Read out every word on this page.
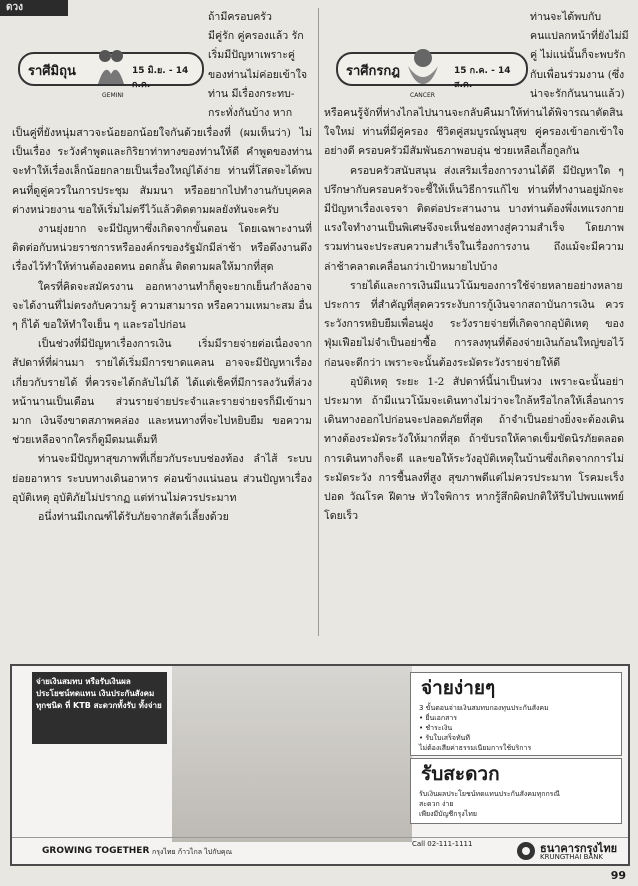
ดวง
ราศีมิถุน
GEMINI
15 มิ.ย. - 14 ก.ค.
ราศีกรกฎ
CANCER
15 ก.ค. - 14 ส.ค.
ถ้ามีครอบครัว
มีคู่รัก คู่ครองแล้ว รัก
เริ่มมีปัญหาเพราะคู่
ของท่านไม่ค่อยเข้าใจ
ท่าน มีเรื่องกระทบ-
กระทั่งกันบ้าง หาก

เป็นคู่ที่ยังหนุ่มสาวจะน้อยอกน้อยใจกันด้วยเรื่องที่ (ผมเห็นว่า) ไม่เป็นเรื่อง ระวังคำพูดและกิริยาท่าทางของท่านให้ดี คำพูดของท่านจะทำให้เรื่องเล็กน้อยกลายเป็นเรื่องใหญ่ได้ง่าย ท่านที่โสดจะได้พบคนที่ดูคู่ควรในการประชุม สัมมนา หรืออยากไปทำงานกับบุคคลต่างหน่วยงาน ขอให้เริ่มไม่ตรีไว้แล้วติดตามผลยังทันจะครับ

งานยุ่งยาก จะมีปัญหาซึ่งเกิดจากขั้นตอน โดยเฉพาะงานที่ติดต่อกับหน่วยราชการหรือองค์กรของรัฐมักมีล่าช้า หรือดึงงานดึงเรื่องไว้ทำให้ท่านต้องอดทน อดกลั้น ติดตามผลให้มากที่สุด

ใครที่คิดจะสมัครงาน ออกหางานทำก็ดูจะยากเย็นกำลังอาจจะได้งานที่ไม่ตรงกับความรู้ ความสามารถ หรือความเหมาะสม อื่น ๆ ก็ได้ ขอให้ทำใจเย็น ๆ และรอไปก่อน

เป็นช่วงที่มีปัญหาเรื่องการเงิน เริ่มมีรายจ่ายต่อเนื่องจากสัปดาห์ที่ผ่านมา รายได้เริ่มมีการขาดแคลน อาจจะมีปัญหาเรื่องเกี่ยวกับรายได้ ที่ควรจะได้กลับไม่ได้ ได้แต่เช็คที่มีการลงวันที่ล่วงหน้านานเป็นเดือน ส่วนรายจ่ายประจำและรายจ่ายจรก็มีเข้ามามาก เงินจึงขาดสภาพคล่อง และหนทางที่จะไปหยิบยืม ขอความช่วยเหลือจากใครก็ดูมืดมนเต็มที

ท่านจะมีปัญหาสุขภาพที่เกี่ยวกับระบบช่องท้อง ลำไส้ ระบบย่อยอาหาร ระบบทางเดินอาหาร ค่อนข้างแน่นอน ส่วนปัญหาเรื่องอุบัติเหตุ อุบัติภัยไม่ปรากฏ แต่ท่านไม่ควรประมาท

อนึ่งท่านมีเกณฑ์ได้รับภัยจากสัตว์เลี้ยงด้วย

ท่านจะได้พบกับ
คนแปลกหน้าที่ยังไม่มี
คู่ ไม่แน่นั้นก็จะพบรัก
กับเพื่อนร่วมงาน (ซึ่ง
น่าจะรักกันนานแล้ว)

หรือคนรู้จักที่ห่างไกลไปนานจะกลับคืนมาให้ท่านได้พิจารณาตัดสินใจใหม่ ท่านที่มีคู่ครอง ชีวิตคู่สมบูรณ์พูนสุข คู่ครองเข้าอกเข้าใจอย่างดี ครอบครัวมีสัมพันธภาพอบอุ่น ช่วยเหลือเกื้อกูลกัน

ครอบครัวสนับสนุน ส่งเสริมเรื่องการงานได้ดี มีปัญหาใด ๆ ปรึกษากับครอบครัวจะชี้ให้เห็นวิธีการแก้ไข ท่านที่ทำงานอยู่มักจะมีปัญหาเรื่องเจรจา ติดต่อประสานงาน บางท่านต้องพึ่งเทแรงกายแรงใจทำงานเป็นพิเศษจึงจะเห็นช่องทางสู่ความสำเร็จ โดยภาพรวมท่านจะประสบความสำเร็จในเรื่องการงาน ถึงแม้จะมีความล่าช้าคลาดเคลื่อนกว่าเป้าหมายไปบ้าง

รายได้และการเงินมีแนวโน้มของการใช้จ่ายหลายอย่างหลายประการ ที่สำคัญที่สุดควรระงับการกู้เงินจากสถาบันการเงิน ควรระวังการหยิบยืมเพื่อนฝูง ระวังรายจ่ายที่เกิดจากอุบัติเหตุ ของฟุ่มเฟือยไม่จำเป็นอย่าซื้อ การลงทุนที่ต้องจ่ายเงินก้อนใหญ่ขอไว้ก่อนจะดีกว่า เพราะจะนั้นต้องระมัดระวังรายจ่ายให้ดี

อุบัติเหตุ ระยะ 1-2 สัปดาห์นี้น่าเป็นห่วง เพราะฉะนั้นอย่าประมาท ถ้ามีแนวโน้มจะเดินทางไม่ว่าจะใกล้หรือไกลให้เลื่อนการเดินทางออกไปก่อนจะปลอดภัยที่สุด ถ้าจำเป็นอย่างยิ่งจะต้องเดินทางต้องระมัดระวังให้มากที่สุด ถ้าขับรถให้คาดเข็มขัดนิรภัยตลอดการเดินทางก็จะดี และขอให้ระวังอุบัติเหตุในบ้านซึ่งเกิดจากการไม่ระมัดระวัง การชื้นลงที่สูง สุขภาพดีแต่ไม่ควรประมาท โรคมะเร็งปอด วัณโรค ฝีดาษ หัวใจพิการ หากรู้สึกผิดปกติให้รีบไปพบแพทย์โดยเร็ว

จ่ายเงินสมทบ หรือรับเงินผลประโยชน์ทดแทน เงินประกันสังคมทุกชนิด ที่ KTB สะดวกทั้งรับ ทั้งจ่าย
จ่ายง่ายๆ
3 ขั้นตอนจ่ายเงินสมทบกองทุนประกันสังคม
• ยื่นเอกสาร
• ชำระเงิน
• รับใบเสร็จทันที
ไม่ต้องเสียค่าธรรมเนียมการใช้บริการ
รับสะดวก
รับเงินผลประโยชน์ทดแทนประกันสังคมทุกกรณี
สะดวก ง่าย
เพียงมีบัญชีกรุงไทย
GROWING TOGETHER กรุงไทย ก้าวไกล ไปกับคุณ
Call 02-111-1111	ธนาคารกรุงไทย
KRUNGTHAI BANK
99
